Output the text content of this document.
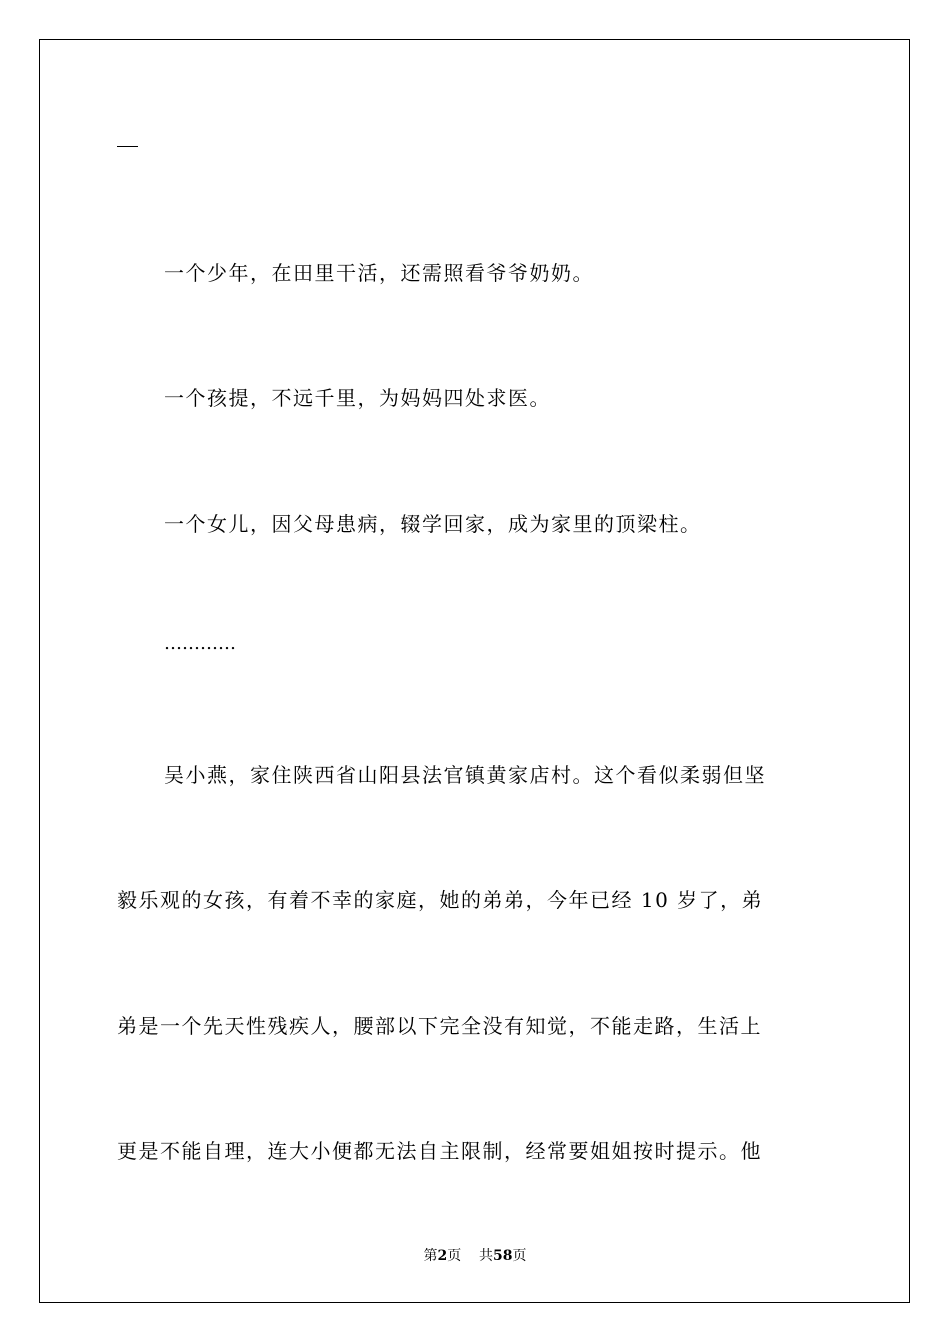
一个少年，在田里干活，还需照看爷爷奶奶。
一个孩提，不远千里，为妈妈四处求医。
一个女儿，因父母患病，辍学回家，成为家里的顶梁柱。
…………
吴小燕，家住陕西省山阳县法官镇黄家店村。这个看似柔弱但坚
毅乐观的女孩，有着不幸的家庭，她的弟弟，今年已经 10 岁了，弟
弟是一个先天性残疾人，腰部以下完全没有知觉，不能走路，生活上
更是不能自理，连大小便都无法自主限制，经常要姐姐按时提示。他
第2页 共58页
